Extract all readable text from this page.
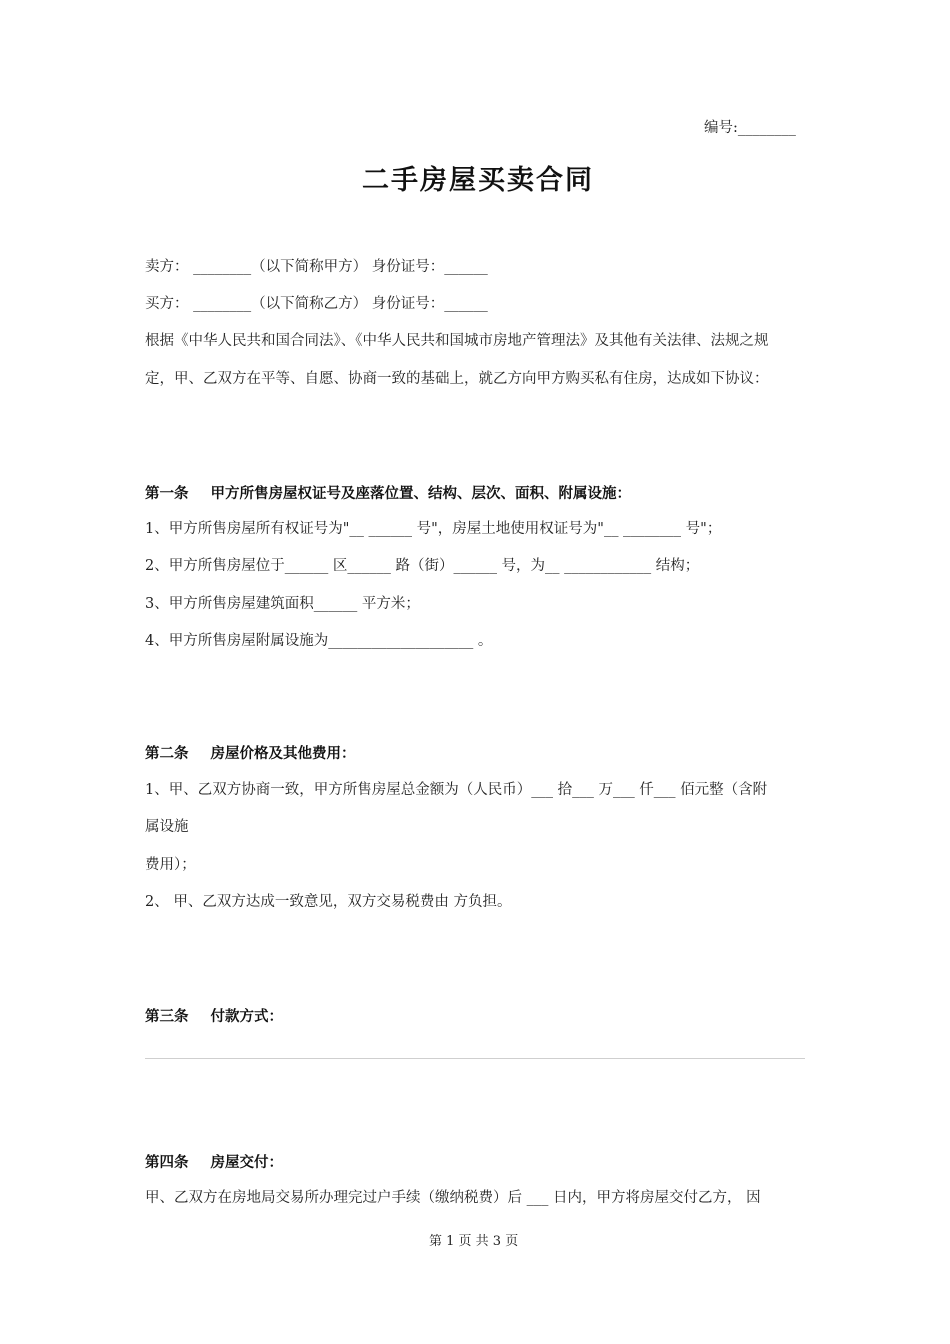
编号:________
二手房屋买卖合同
卖方： ________（以下简称甲方） 身份证号：______
买方： ________（以下简称乙方） 身份证号：______
根据《中华人民共和国合同法》、《中华人民共和国城市房地产管理法》及其他有关法律、法规之规
定，甲、乙双方在平等、自愿、协商一致的基础上，就乙方向甲方购买私有住房，达成如下协议：
第一条 甲方所售房屋权证号及座落位置、结构、层次、面积、附属设施：
1、甲方所售房屋所有权证号为"__ ______ 号"，房屋土地使用权证号为"__ ________ 号"；
2、甲方所售房屋位于______ 区______ 路（街）______ 号，为__ ____________ 结构；
3、甲方所售房屋建筑面积______ 平方米；
4、甲方所售房屋附属设施为____________________ 。
第二条 房屋价格及其他费用：
1、甲、乙双方协商一致，甲方所售房屋总金额为（人民币）___ 拾___ 万___ 仟___ 佰元整（含附
属设施
费用）；
2、 甲、乙双方达成一致意见，双方交易税费由 方负担。
第三条 付款方式：
第四条 房屋交付：
甲、乙双方在房地局交易所办理完过户手续（缴纳税费）后 ___ 日内，甲方将房屋交付乙方， 因
第 1 页 共 3 页
